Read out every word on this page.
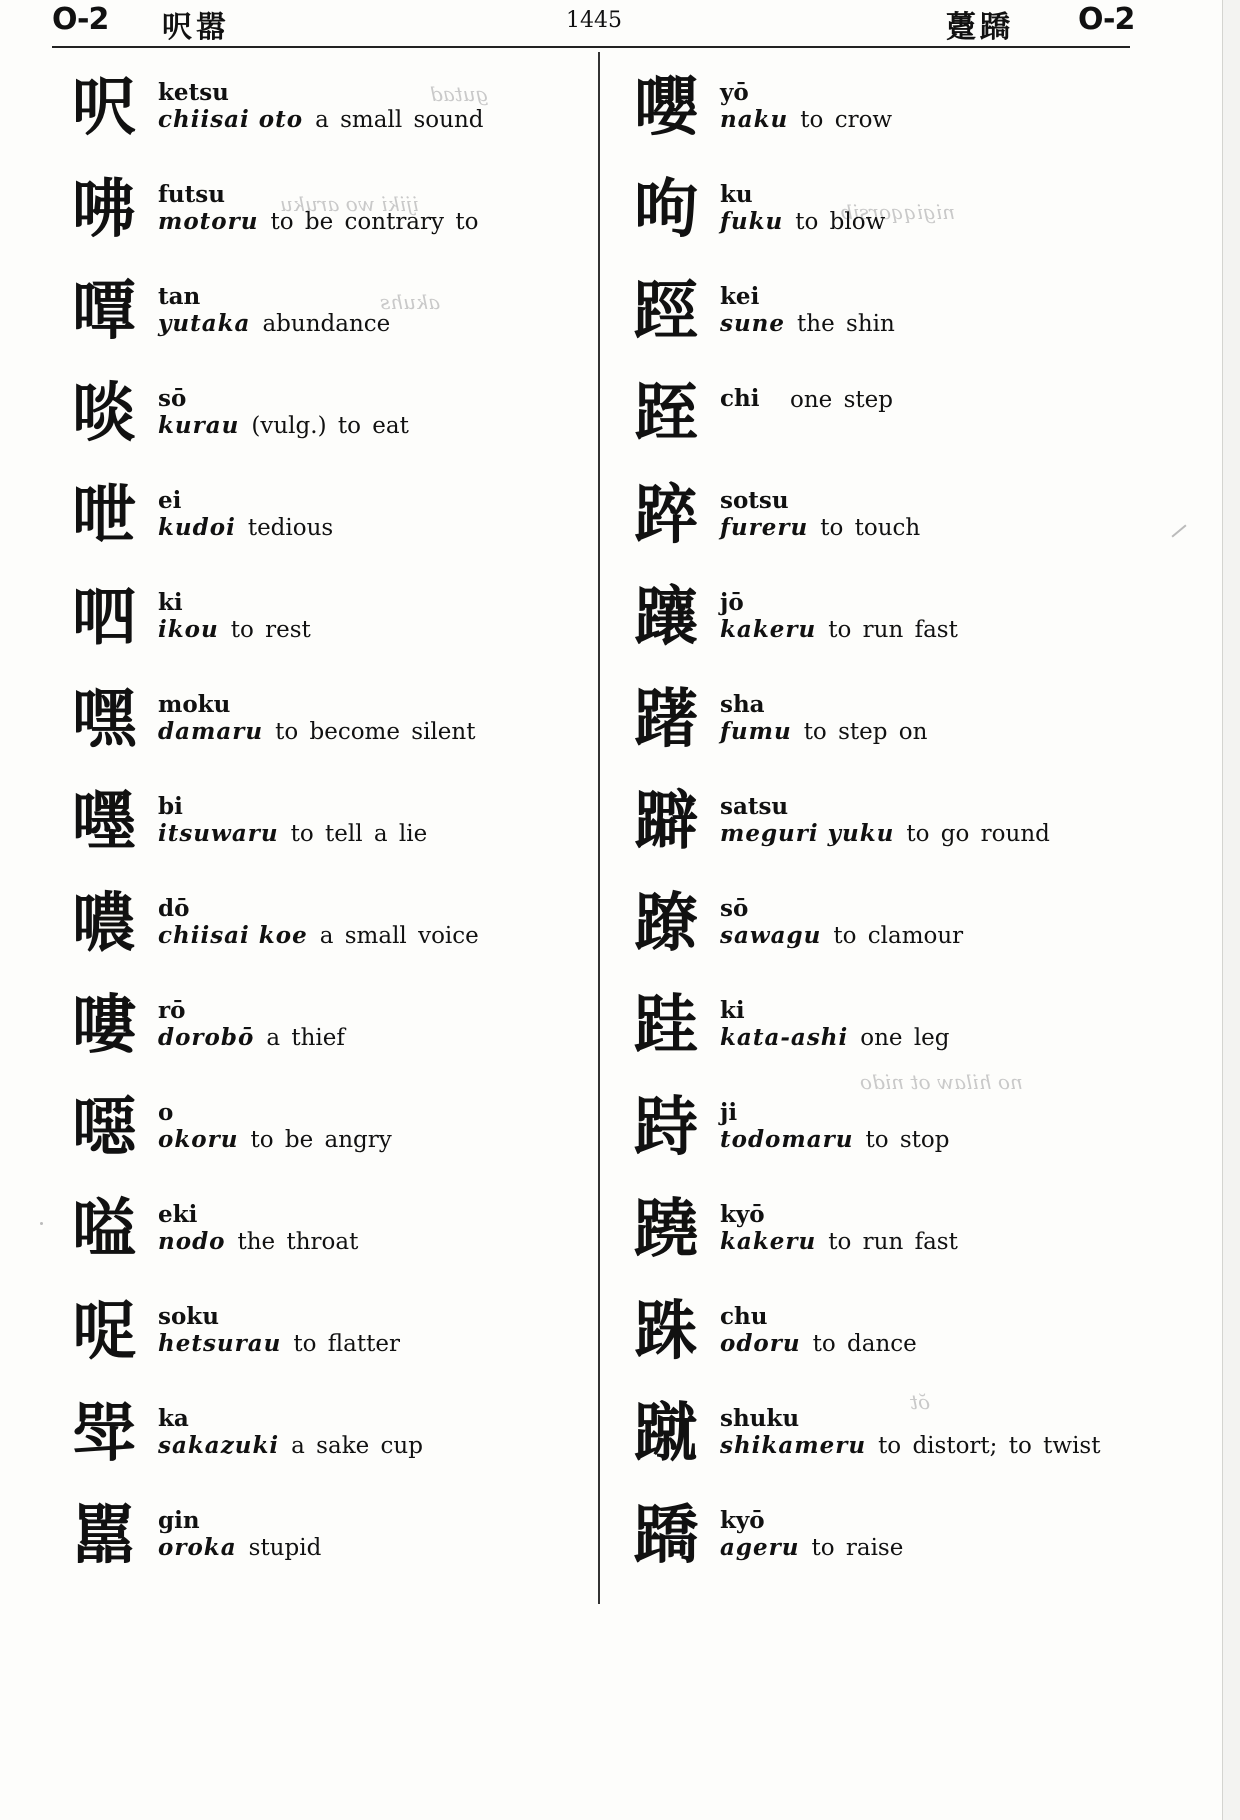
O-2 呎嚣	1445	躉蹻 O-2
gutad
ijiki wo aruku
akuhs
nigiqqorsib
no hilaw ot nido
ŏt
呎 ketsu
chiisai oto a small sound
咈 futsu
motoru to be contrary to
嘾 tan
yutaka abundance
啖 sō
kurau (vulg.) to eat
呭 ei
kudoi tedious
呬 ki
ikou to rest
嘿 moku
damaru to become silent
嚜 bi
itsuwaru to tell a lie
噥 dō
chiisai koe a small voice
嘍 rō
dorobō a thief
噁 o
okoru to be angry
嗌 eki
nodo the throat
哫 soku
hetsurau to flatter
斝 ka
sakazuki a sake cup
嚚 gin
oroka stupid
嚶 yō
naku to crow
呴 ku
fuku to blow
踁 kei
sune the shin
跮 chi one step
踤 sotsu
fureru to touch
躟 jō
kakeru to run fast
躇 sha
fumu to step on
躃 satsu
meguri yuku to go round
蹽 sō
sawagu to clamour
跬 ki
kata-ashi one leg
跱 ji
todomaru to stop
蹺 kyō
kakeru to run fast
跦 chu
odoru to dance
蹴 shuku
shikameru to distort; to twist
蹻 kyō
ageru to raise
